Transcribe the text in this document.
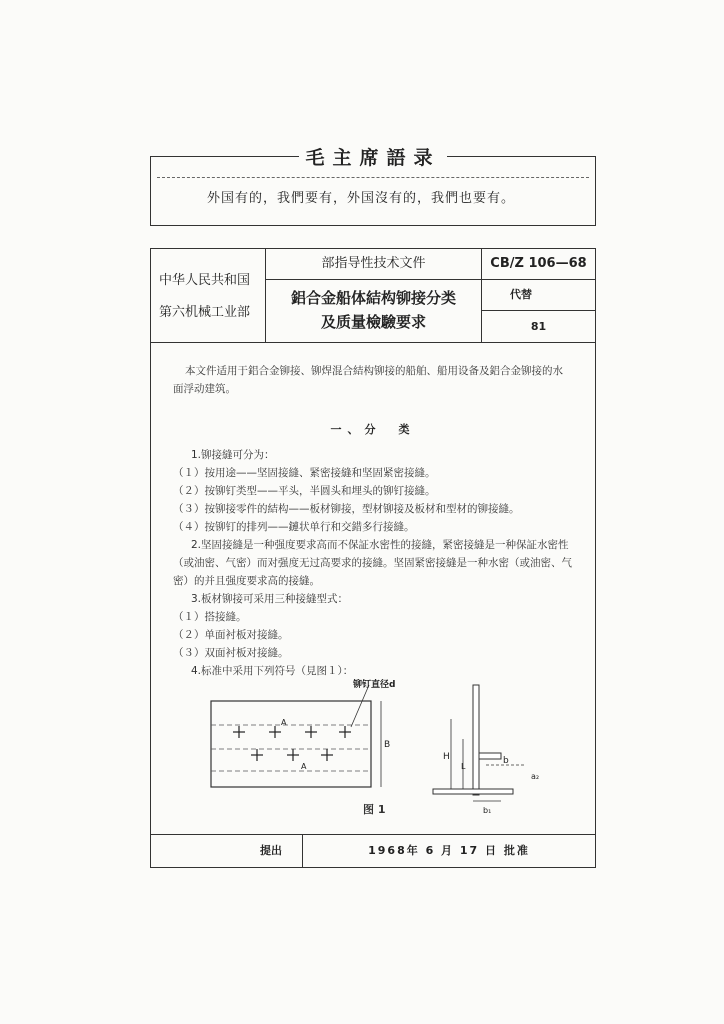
毛主席語录
外国有的，我們要有，外国沒有的，我們也要有。
中华人民共和国
第六机械工业部
部指导性技术文件
鋁合金船体結构铆接分类
及质量檢驗要求
CB/Z 106—68
代替
81
本文件适用于鋁合金铆接、铆焊混合結构铆接的船舶、船用设备及鋁合金铆接的水
面浮动建筑。
一、分　类
1.铆接縫可分为：
（１）按用途——坚固接縫、紧密接縫和坚固紧密接縫。
（２）按铆钉类型——平头，半圆头和埋头的铆钉接縫。
（３）按铆接零件的結构——板材铆接，型材铆接及板材和型材的铆接縫。
（４）按铆钉的排列——鏈状单行和交錯多行接縫。
2.坚固接縫是一种强度要求高而不保証水密性的接縫，紧密接縫是一种保証水密性
（或油密、气密）而对强度无过高要求的接縫。坚固紧密接縫是一种水密（或油密、气
密）的并且强度要求高的接縫。
3.板材铆接可采用三种接縫型式：
（１）搭接縫。
（２）单面衬板对接縫。
（３）双面衬板对接縫。
4.标准中采用下列符号（見图１）：
铆钉直径d
A
A
B
H	b
a₂
b₁
L
图 1
提出	1968年 6 月 17 日 批准
